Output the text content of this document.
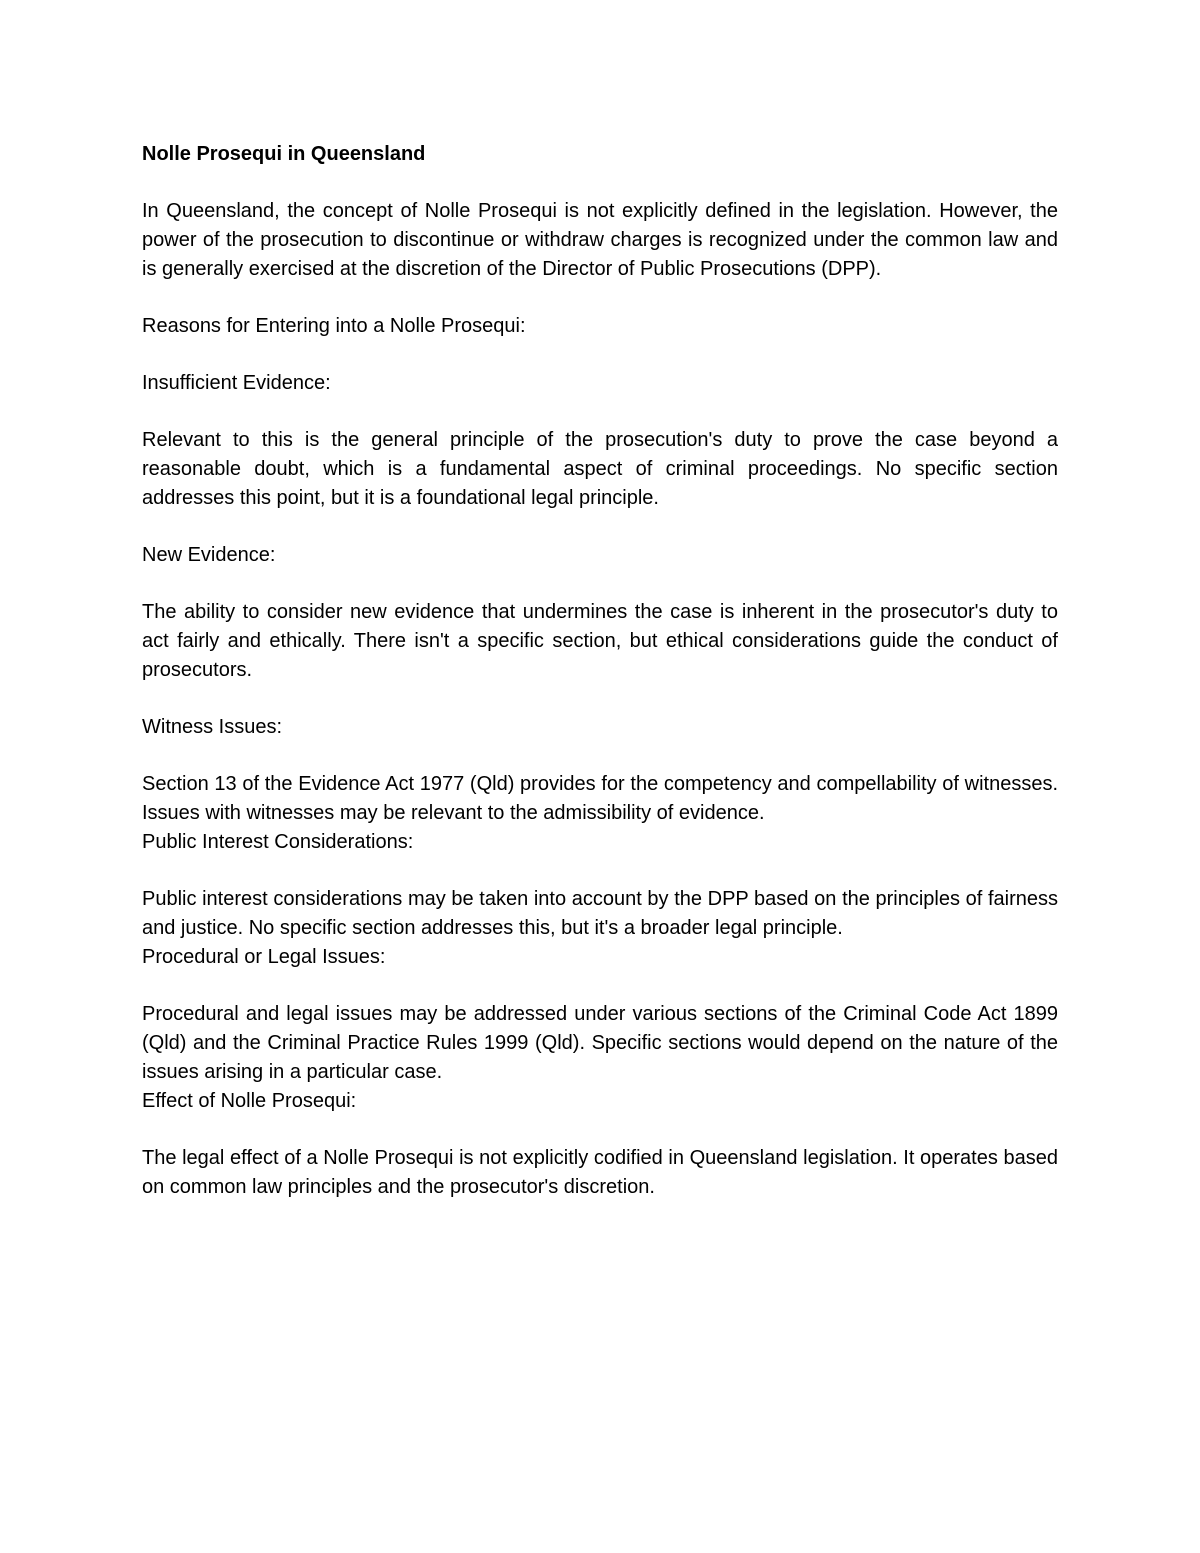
Nolle Prosequi in Queensland

In Queensland, the concept of Nolle Prosequi is not explicitly defined in the legislation. However, the power of the prosecution to discontinue or withdraw charges is recognized under the common law and is generally exercised at the discretion of the Director of Public Prosecutions (DPP).

Reasons for Entering into a Nolle Prosequi:

Insufficient Evidence:

Relevant to this is the general principle of the prosecution's duty to prove the case beyond a reasonable doubt, which is a fundamental aspect of criminal proceedings. No specific section addresses this point, but it is a foundational legal principle.

New Evidence:

The ability to consider new evidence that undermines the case is inherent in the prosecutor's duty to act fairly and ethically. There isn't a specific section, but ethical considerations guide the conduct of prosecutors.

Witness Issues:

Section 13 of the Evidence Act 1977 (Qld) provides for the competency and compellability of witnesses. Issues with witnesses may be relevant to the admissibility of evidence.

Public Interest Considerations:

Public interest considerations may be taken into account by the DPP based on the principles of fairness and justice. No specific section addresses this, but it's a broader legal principle.

Procedural or Legal Issues:

Procedural and legal issues may be addressed under various sections of the Criminal Code Act 1899 (Qld) and the Criminal Practice Rules 1999 (Qld). Specific sections would depend on the nature of the issues arising in a particular case.

Effect of Nolle Prosequi:

The legal effect of a Nolle Prosequi is not explicitly codified in Queensland legislation. It operates based on common law principles and the prosecutor's discretion.
